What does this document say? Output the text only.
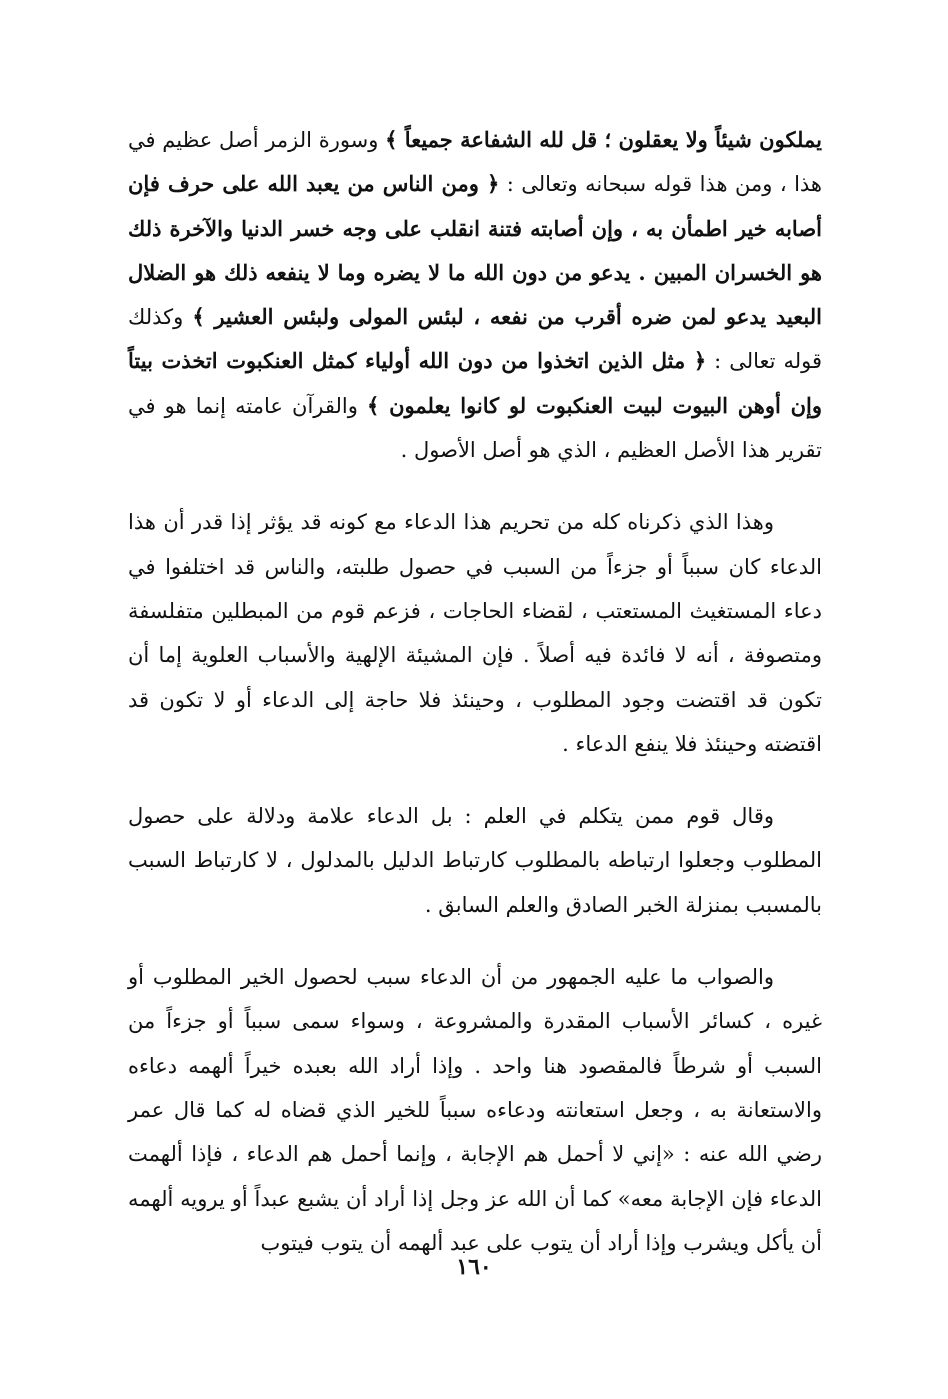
يملكون شيئاً ولا يعقلون ؛ قل لله الشفاعة جميعاً ﴾ وسورة الزمر أصل عظيم في هذا ، ومن هذا قوله سبحانه وتعالى : ﴿ ومن الناس من يعبد الله على حرف فإن أصابه خير اطمأن به ، وإن أصابته فتنة انقلب على وجه خسر الدنيا والآخرة ذلك هو الخسران المبين . يدعو من دون الله ما لا يضره وما لا ينفعه ذلك هو الضلال البعيد يدعو لمن ضره أقرب من نفعه ، لبئس المولى ولبئس العشير ﴾ وكذلك قوله تعالى : ﴿ مثل الذين اتخذوا من دون الله أولياء كمثل العنكبوت اتخذت بيتاً وإن أوهن البيوت لبيت العنكبوت لو كانوا يعلمون ﴾ والقرآن عامته إنما هو في تقرير هذا الأصل العظيم ، الذي هو أصل الأصول .

وهذا الذي ذكرناه كله من تحريم هذا الدعاء مع كونه قد يؤثر إذا قدر أن هذا الدعاء كان سبباً أو جزءاً من السبب في حصول طلبته، والناس قد اختلفوا في دعاء المستغيث المستعتب ، لقضاء الحاجات ، فزعم قوم من المبطلين متفلسفة ومتصوفة ، أنه لا فائدة فيه أصلاً . فإن المشيئة الإلهية والأسباب العلوية إما أن تكون قد اقتضت وجود المطلوب ، وحينئذ فلا حاجة إلى الدعاء أو لا تكون قد اقتضته وحينئذ فلا ينفع الدعاء .

وقال قوم ممن يتكلم في العلم : بل الدعاء علامة ودلالة على حصول المطلوب وجعلوا ارتباطه بالمطلوب كارتباط الدليل بالمدلول ، لا كارتباط السبب بالمسبب بمنزلة الخبر الصادق والعلم السابق .

والصواب ما عليه الجمهور من أن الدعاء سبب لحصول الخير المطلوب أو غيره ، كسائر الأسباب المقدرة والمشروعة ، وسواء سمى سبباً أو جزءاً من السبب أو شرطاً فالمقصود هنا واحد . وإذا أراد الله بعبده خيراً ألهمه دعاءه والاستعانة به ، وجعل استعانته ودعاءه سبباً للخير الذي قضاه له كما قال عمر رضي الله عنه : «إني لا أحمل هم الإجابة ، وإنما أحمل هم الدعاء ، فإذا ألهمت الدعاء فإن الإجابة معه» كما أن الله عز وجل إذا أراد أن يشبع عبداً أو يرويه ألهمه أن يأكل ويشرب وإذا أراد أن يتوب على عبد ألهمه أن يتوب فيتوب

١٦٠
